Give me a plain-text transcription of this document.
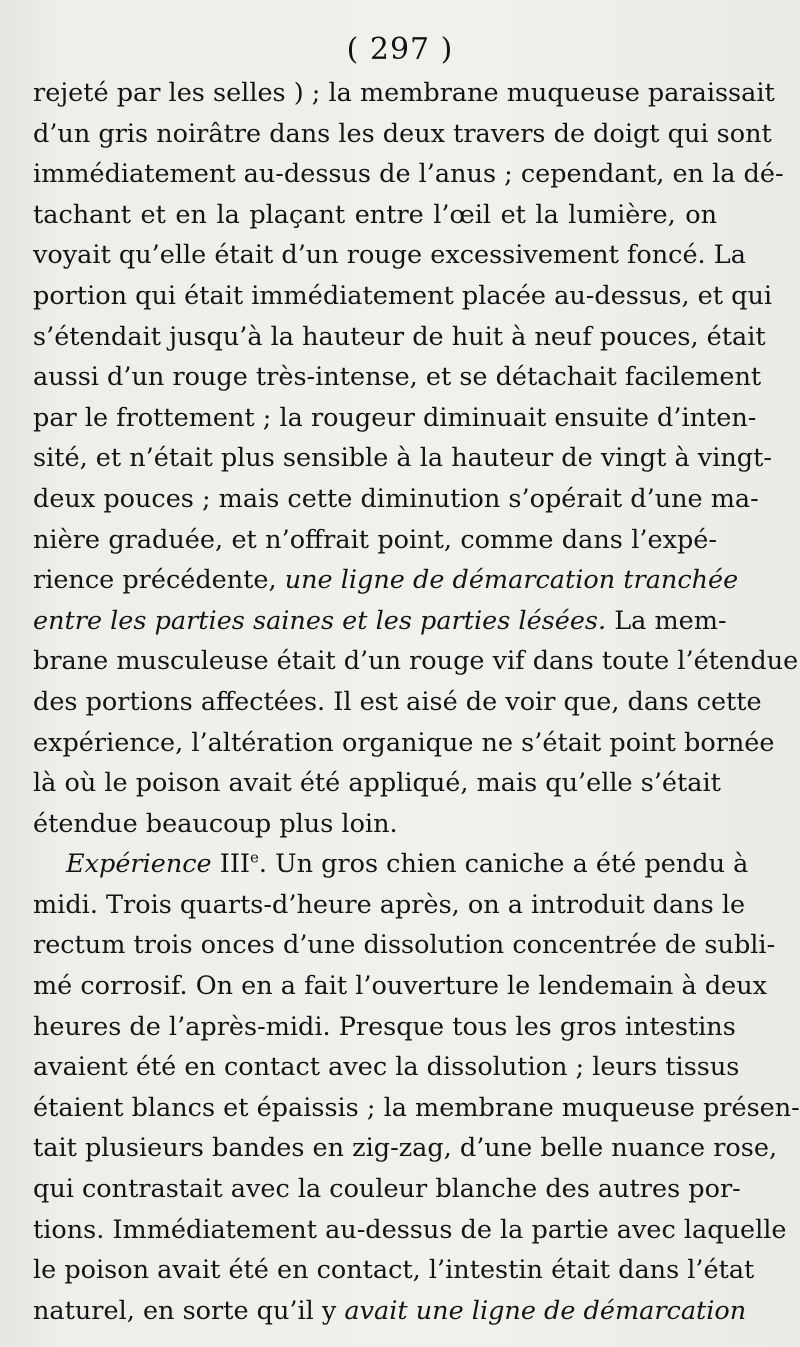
( 297 )
rejeté par les selles ) ; la membrane muqueuse paraissait
d’un gris noirâtre dans les deux travers de doigt qui sont
immédiatement au-dessus de l’anus ; cependant, en la dé-
tachant et en la plaçant entre l’œil et la lumière, on
voyait qu’elle était d’un rouge excessivement foncé. La
portion qui était immédiatement placée au-dessus, et qui
s’étendait jusqu’à la hauteur de huit à neuf pouces, était
aussi d’un rouge très-intense, et se détachait facilement
par le frottement ; la rougeur diminuait ensuite d’inten-
sité, et n’était plus sensible à la hauteur de vingt à vingt-
deux pouces ; mais cette diminution s’opérait d’une ma-
nière graduée, et n’offrait point, comme dans l’expé-
rience précédente, une ligne de démarcation tranchée
entre les parties saines et les parties lésées. La mem-
brane musculeuse était d’un rouge vif dans toute l’étendue
des portions affectées. Il est aisé de voir que, dans cette
expérience, l’altération organique ne s’était point bornée
là où le poison avait été appliqué, mais qu’elle s’était
étendue beaucoup plus loin.
Expérience IIIe. Un gros chien caniche a été pendu à
midi. Trois quarts-d’heure après, on a introduit dans le
rectum trois onces d’une dissolution concentrée de subli-
mé corrosif. On en a fait l’ouverture le lendemain à deux
heures de l’après-midi. Presque tous les gros intestins
avaient été en contact avec la dissolution ; leurs tissus
étaient blancs et épaissis ; la membrane muqueuse présen-
tait plusieurs bandes en zig-zag, d’une belle nuance rose,
qui contrastait avec la couleur blanche des autres por-
tions. Immédiatement au-dessus de la partie avec laquelle
le poison avait été en contact, l’intestin était dans l’état
naturel, en sorte qu’il y avait une ligne de démarcation
